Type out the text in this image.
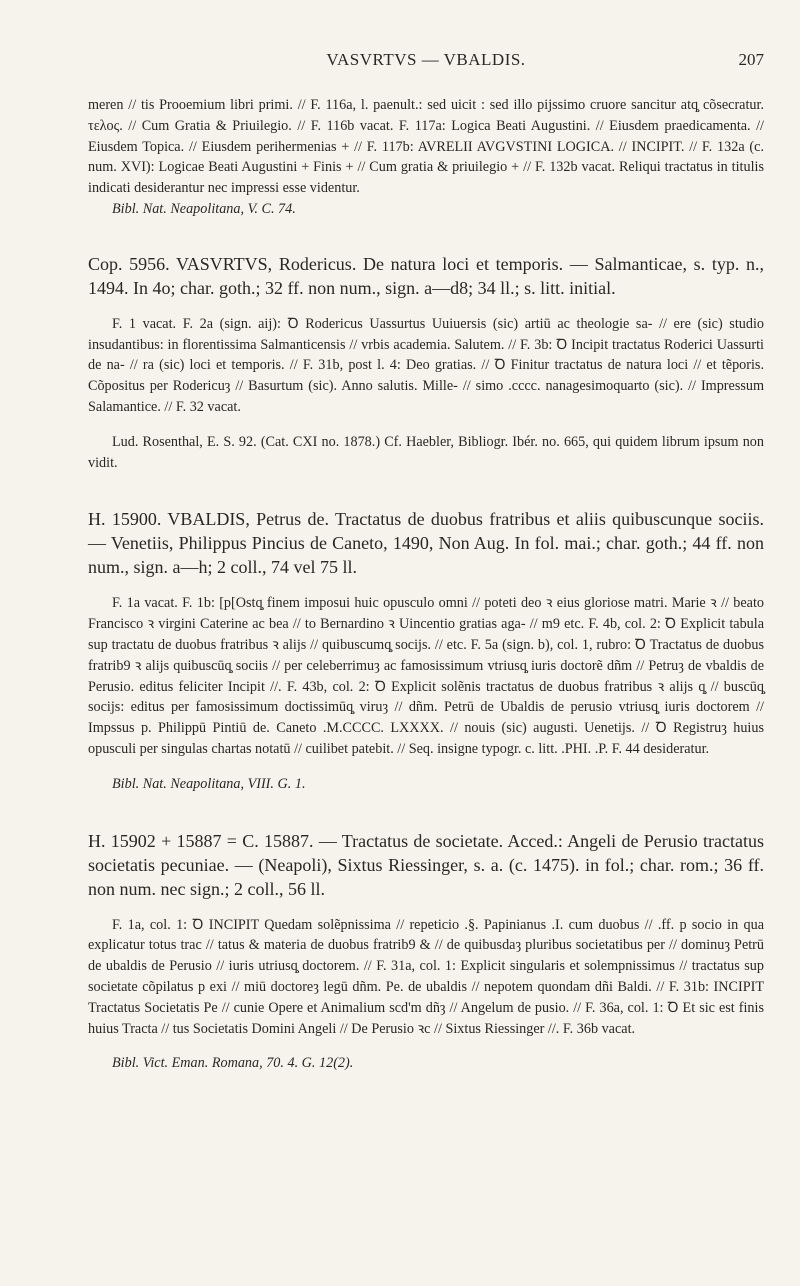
VASVRTVS — VBALDIS.	207

meren // tis Prooemium libri primi. // F. 116a, l. paenult.: sed uicit : sed illo pijssimo cruore sancitur atq̧ cõsecratur. τελος. // Cum Gratia & Priuilegio. // F. 116b vacat. F. 117a: Logica Beati Augustini. // Eiusdem praedicamenta. // Eiusdem Topica. // Eiusdem perihermenias + // F. 117b: AVRELII AVGVSTINI LOGICA. // INCIPIT. // F. 132a (c. num. XVI): Logicae Beati Augustini + Finis + // Cum gratia & priuilegio + // F. 132b vacat. Reliqui tractatus in titulis indicati desiderantur nec impressi esse videntur.

Bibl. Nat. Neapolitana, V. C. 74.

Cop. 5956. VASVRTVS, Rodericus. De natura loci et temporis. — Salmanticae, s. typ. n., 1494. In 4o; char. goth.; 32 ff. non num., sign. a—d8; 34 ll.; s. litt. initial.

F. 1 vacat. F. 2a (sign. aij): Ꝺ Rodericus Uassurtus Uuiuersis (sic) artiū ac theologie sa- // ere (sic) studio insudantibus: in florentissima Salmanticensis // vrbis academia. Salutem. // F. 3b: Ꝺ Incipit tractatus Roderici Uassurti de na- // ra (sic) loci et temporis. // F. 31b, post l. 4: Deo gratias. // Ꝺ Finitur tractatus de natura loci // et tẽporis. Cõpositus per Rodericuȝ // Basurtum (sic). Anno salutis. Mille- // simo .cccc. nanagesimoquarto (sic). // Impressum Salamantice. // F. 32 vacat.

Lud. Rosenthal, E. S. 92. (Cat. CXI no. 1878.) Cf. Haebler, Bibliogr. Ibér. no. 665, qui quidem librum ipsum non vidit.

H. 15900. VBALDIS, Petrus de. Tractatus de duobus fratribus et aliis quibuscunque sociis. — Venetiis, Philippus Pincius de Caneto, 1490, Non Aug. In fol. mai.; char. goth.; 44 ff. non num., sign. a—h; 2 coll., 74 vel 75 ll.

F. 1a vacat. F. 1b: [p[Ostq̧ finem imposui huic opusculo omni // poteti deo ꝛ eius gloriose matri. Marie ꝛ // beato Francisco ꝛ virgini Caterine ac bea // to Bernardino ꝛ Uincentio gratias aga- // m9 etc. F. 4b, col. 2: Ꝺ Explicit tabula sup tractatu de duobus fratribus ꝛ alijs // quibuscumq̧ socijs. // etc. F. 5a (sign. b), col. 1, rubro: Ꝺ Tractatus de duobus fratrib9 ꝛ alijs quibuscūq̧ sociis // per celeberrimuȝ ac famosissimum vtriusq̧ iuris doctorẽ dñm // Petruȝ de vbaldis de Perusio. editus feliciter Incipit //. F. 43b, col. 2: Ꝺ Explicit solẽnis tractatus de duobus fratribus ꝛ alijs q̧ // buscūq̧ socijs: editus per famosissimum doctissimūq̧ viruȝ // dñm. Petrū de Ubaldis de perusio vtriusq̧ iuris doctorem // Impssus p. Philippū Pintiū de. Caneto .M.CCCC. LXXXX. // nouis (sic) augusti. Uenetijs. // Ꝺ Registruȝ huius opusculi per singulas chartas notatū // cuilibet patebit. // Seq. insigne typogr. c. litt. .PHI. .P. F. 44 desideratur.

Bibl. Nat. Neapolitana, VIII. G. 1.

H. 15902 + 15887 = C. 15887. — Tractatus de societate. Acced.: Angeli de Perusio tractatus societatis pecuniae. — (Neapoli), Sixtus Riessinger, s. a. (c. 1475). in fol.; char. rom.; 36 ff. non num. nec sign.; 2 coll., 56 ll.

F. 1a, col. 1: Ꝺ INCIPIT Quedam solẽpnissima // repeticio .§. Papinianus .I. cum duobus // .ff. p socio in qua explicatur totus trac // tatus & materia de duobus fratrib9 & // de quibusdaȝ pluribus societatibus per // dominuȝ Petrū de ubaldis de Perusio // iuris utriusq̧ doctorem. // F. 31a, col. 1: Explicit singularis et solempnissimus // tractatus sup societate cõpilatus p exi // miū doctoreȝ legū dñm. Pe. de ubaldis // nepotem quondam dñi Baldi. // F. 31b: INCIPIT Tractatus Societatis Pe // cunie Opere et Animalium scd'm dñȝ // Angelum de pusio. // F. 36a, col. 1: Ꝺ Et sic est finis huius Tracta // tus Societatis Domini Angeli // De Perusio ꝛc // Sixtus Riessinger //. F. 36b vacat.

Bibl. Vict. Eman. Romana, 70. 4. G. 12(2).
